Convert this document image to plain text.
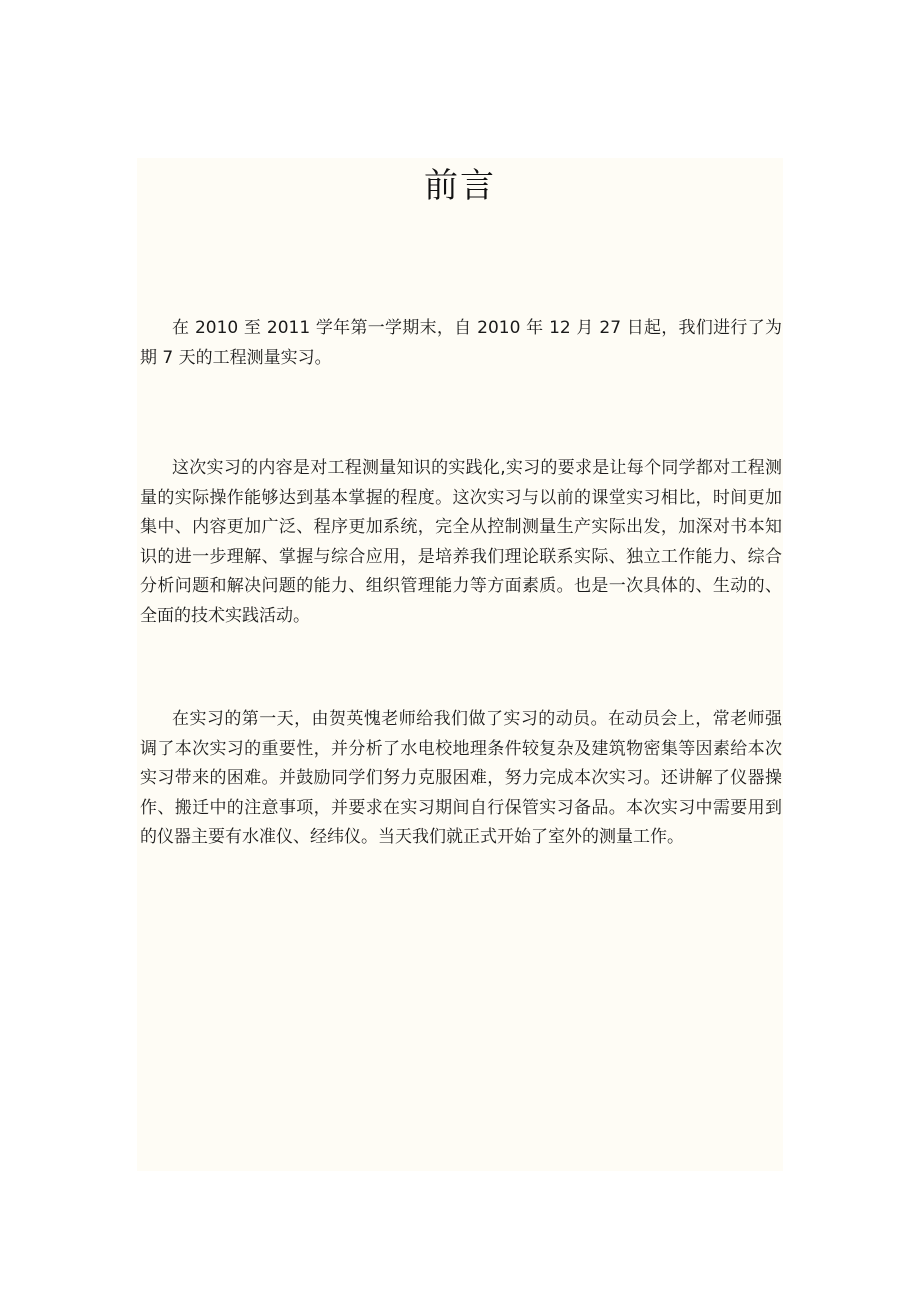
前言

在 2010 至 2011 学年第一学期末，自 2010 年 12 月 27 日起，我们进行了为期 7 天的工程测量实习。

这次实习的内容是对工程测量知识的实践化,实习的要求是让每个同学都对工程测量的实际操作能够达到基本掌握的程度。这次实习与以前的课堂实习相比，时间更加集中、内容更加广泛、程序更加系统，完全从控制测量生产实际出发，加深对书本知识的进一步理解、掌握与综合应用，是培养我们理论联系实际、独立工作能力、综合分析问题和解决问题的能力、组织管理能力等方面素质。也是一次具体的、生动的、全面的技术实践活动。

在实习的第一天，由贺英愧老师给我们做了实习的动员。在动员会上，常老师强调了本次实习的重要性，并分析了水电校地理条件较复杂及建筑物密集等因素给本次实习带来的困难。并鼓励同学们努力克服困难，努力完成本次实习。还讲解了仪器操作、搬迁中的注意事项，并要求在实习期间自行保管实习备品。本次实习中需要用到的仪器主要有水准仪、经纬仪。当天我们就正式开始了室外的测量工作。
